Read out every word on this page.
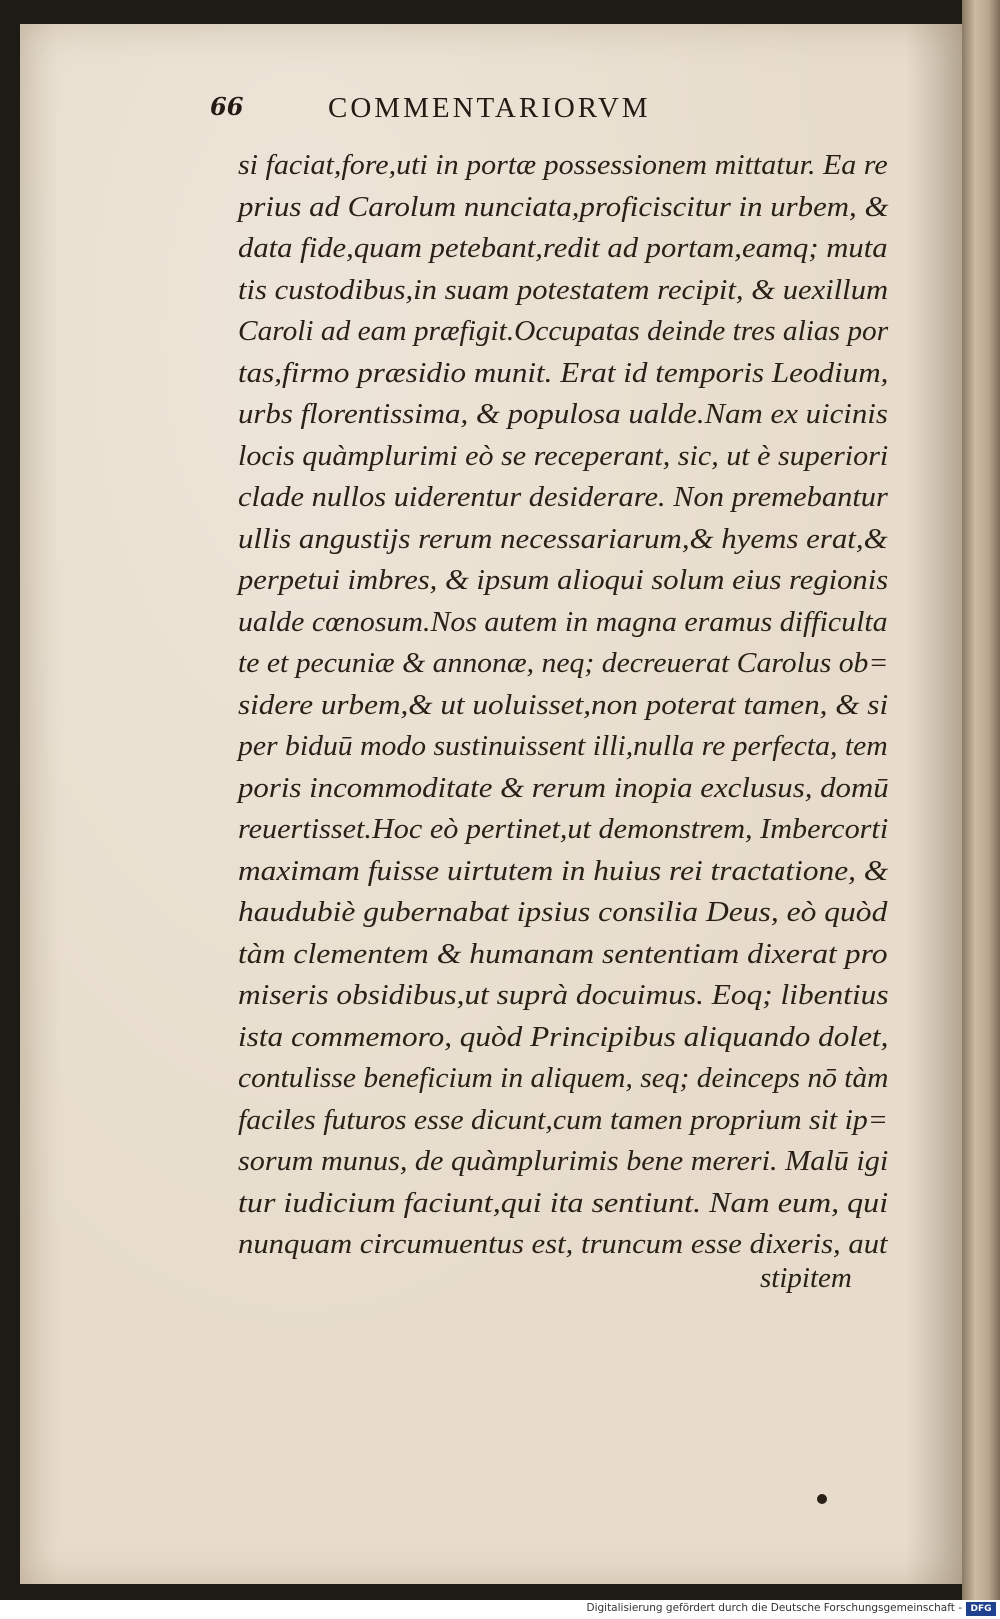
66	COMMENTARIORVM
si faciat,fore,uti in portæ possessionem mittatur. Ea re
prius ad Carolum nunciata,proficiscitur in urbem, &
data fide,quam petebant,redit ad portam,eamq; muta
tis custodibus,in suam potestatem recipit, & uexillum
Caroli ad eam præfigit.Occupatas deinde tres alias por
tas,firmo præsidio munit. Erat id temporis Leodium,
urbs florentissima, & populosa ualde.Nam ex uicinis
locis quàmplurimi eò se receperant, sic, ut è superiori
clade nullos uiderentur desiderare. Non premebantur
ullis angustijs rerum necessariarum,& hyems erat,&
perpetui imbres, & ipsum alioqui solum eius regionis
ualde cœnosum.Nos autem in magna eramus difficulta
te et pecuniæ & annonæ, neq; decreuerat Carolus ob=
sidere urbem,& ut uoluisset,non poterat tamen, & si
per biduū modo sustinuissent illi,nulla re perfecta, tem
poris incommoditate & rerum inopia exclusus, domū
reuertisset.Hoc eò pertinet,ut demonstrem, Imbercorti
maximam fuisse uirtutem in huius rei tractatione, &
haudubiè gubernabat ipsius consilia Deus, eò quòd
tàm clementem & humanam sententiam dixerat pro
miseris obsidibus,ut suprà docuimus. Eoq; libentius
ista commemoro, quòd Principibus aliquando dolet,
contulisse beneficium in aliquem, seq; deinceps nō tàm
faciles futuros esse dicunt,cum tamen proprium sit ip=
sorum munus, de quàmplurimis bene mereri. Malū igi
tur iudicium faciunt,qui ita sentiunt. Nam eum, qui
nunquam circumuentus est, truncum esse dixeris, aut
stipitem
Digitalisierung gefördert durch die Deutsche Forschungsgemeinschaft - DFG
